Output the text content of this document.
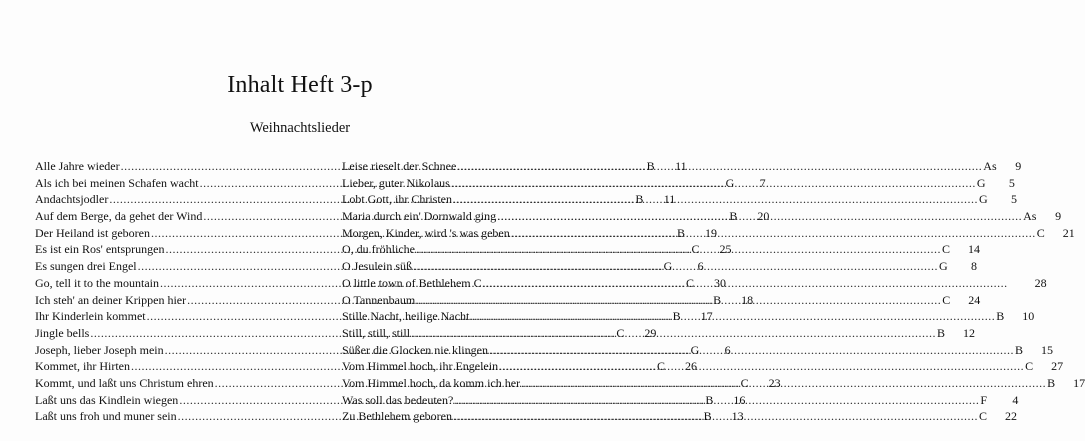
Inhalt Heft 3-p
Weihnachtslieder
Alle Jahre wieder .....	B	11
Als ich bei meinen Schafen wacht .....	G	7
Andachtsjodler .....	B	11
Auf dem Berge, da gehet der Wind .....	B	20
Der Heiland ist geboren .....	B	19
Es ist ein Ros' entsprungen .....	C	25
Es sungen drei Engel .....	G	6
Go, tell it to the mountain .....	C	30
Ich steh' an deiner Krippen hier .....	B	18
Ihr Kinderlein kommet .....	B	17
Jingle bells .....	C	29
Joseph, lieber Joseph mein .....	G	6
Kommet, ihr Hirten .....	C	26
Kommt, und laßt uns Christum ehren .....	C	23
Laßt uns das Kindlein wiegen .....	B	16
Laßt uns froh und muner sein .....	B	13
Leise rieselt der Schnee .....	As	9
Lieber, guter Nikolaus .....	G	5
Lobt Gott, ihr Christen .....	G	5
Maria durch ein' Dornwald ging .....	As	9
Morgen, Kinder, wird 's was geben .....	C	21
O, du fröhliche .....	C	14
O Jesulein süß .....	G	8
O little town of Bethlehem C .....	28
O Tannenbaum .....	C	24
Stille Nacht, heilige Nacht .....	B	10
Still, still, still .....	B	12
Süßer die Glocken nie klingen .....	B	15
Vom Himmel hoch, ihr Engelein .....	C	27
Vom Himmel hoch, da komm ich her .....	B	17
Was soll das bedeuten? .....	F	4
Zu Bethlehem geboren .....	C	22
